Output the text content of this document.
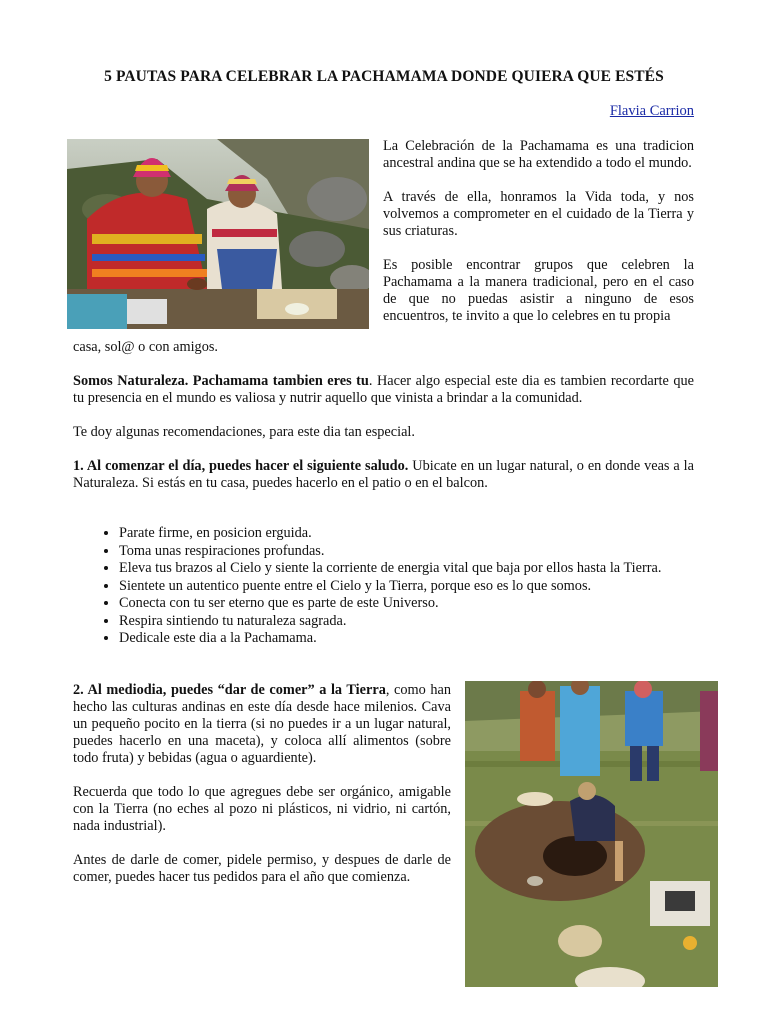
5 PAUTAS PARA CELEBRAR LA PACHAMAMA DONDE QUIERA QUE ESTÉS
Flavia Carrion

La Celebración de la Pachamama es una tradicion ancestral andina que se ha extendido a todo el mundo.

A través de ella, honramos la Vida toda, y nos volvemos a comprometer en el cuidado de la Tierra y sus criaturas.

Es posible encontrar grupos que celebren la Pachamama a la manera tradicional, pero en el caso de que no puedas asistir a ninguno de esos encuentros, te invito a que lo celebres en tu propia

casa, sol@ o con amigos.

Somos Naturaleza. Pachamama tambien eres tu. Hacer algo especial este dia es tambien recordarte que tu presencia en el mundo es valiosa y nutrir aquello que vinista a brindar a la comunidad.

Te doy algunas recomendaciones, para este dia tan especial.

1. Al comenzar el día, puedes hacer el siguiente saludo. Ubicate en un lugar natural, o en donde veas a la Naturaleza. Si estás en tu casa, puedes hacerlo en el patio o en el balcon.

• Parate firme, en posicion erguida.
• Toma unas respiraciones profundas.
• Eleva tus brazos al Cielo y siente la corriente de energia vital que baja por ellos hasta la Tierra.
• Sientete un autentico puente entre el Cielo y la Tierra, porque eso es lo que somos.
• Conecta con tu ser eterno que es parte de este Universo.
• Respira sintiendo tu naturaleza sagrada.
• Dedicale este dia a la Pachamama.

2. Al mediodia, puedes “dar de comer” a la Tierra, como han hecho las culturas andinas en este día desde hace milenios. Cava un pequeño pocito en la tierra (si no puedes ir a un lugar natural, puedes hacerlo en una maceta), y coloca allí alimentos (sobre todo fruta) y bebidas (agua o aguardiente).

Recuerda que todo lo que agregues debe ser orgánico, amigable con la Tierra (no eches al pozo ni plásticos, ni vidrio, ni cartón, nada industrial).

Antes de darle de comer, pidele permiso, y despues de darle de comer, puedes hacer tus pedidos para el año que comienza.
